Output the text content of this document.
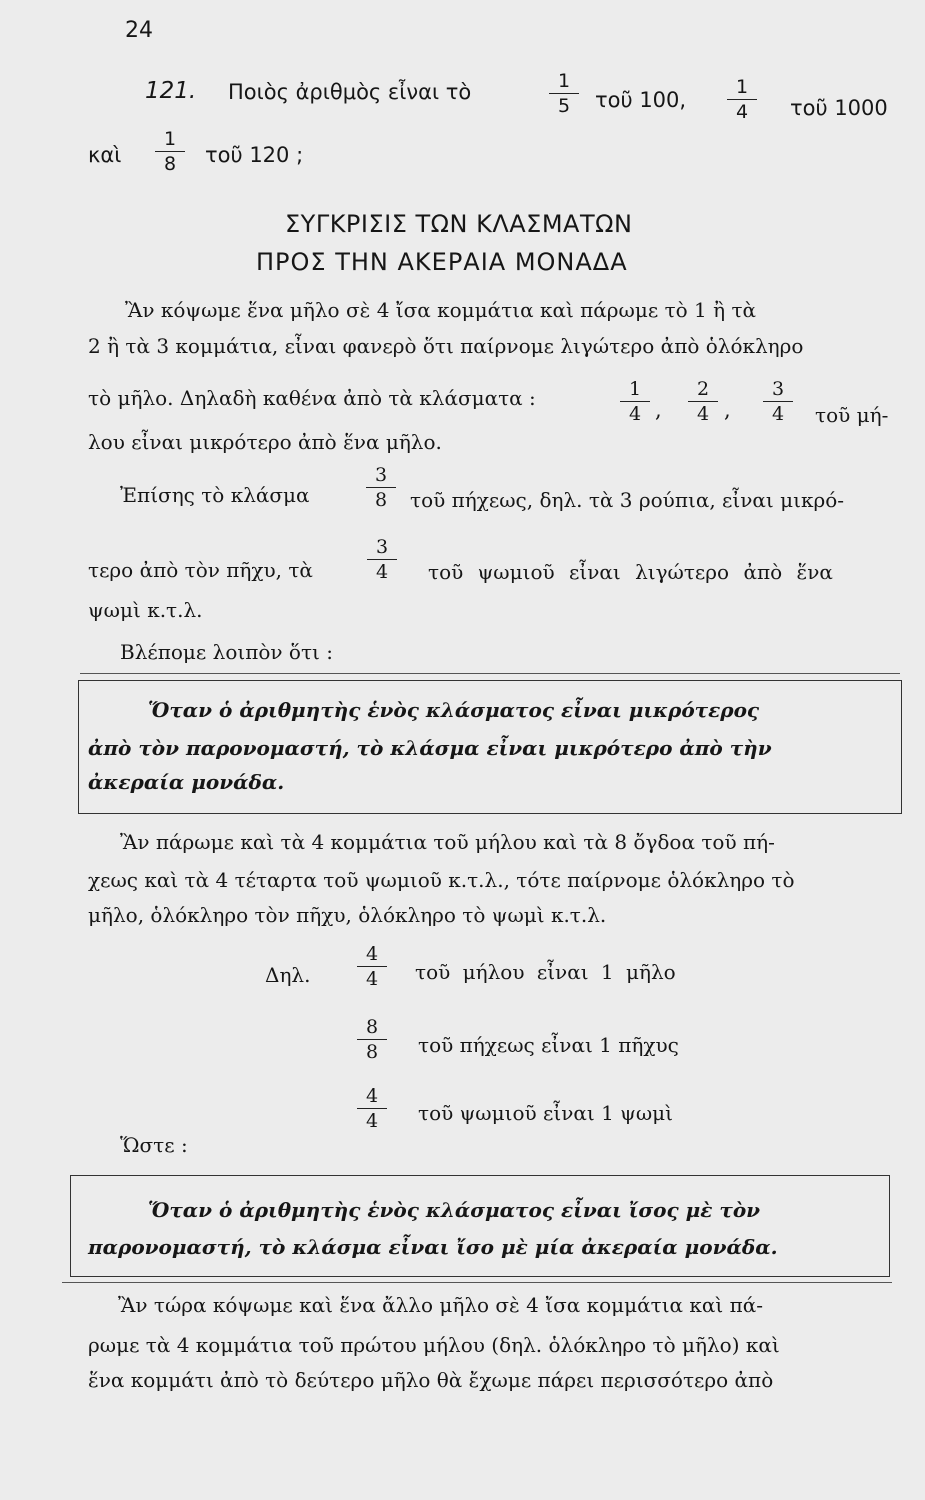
24
121. Ποιὸς ἀριθμὸς εἶναι τὸ	$\frac{1}{5}$ τοῦ 100, $\frac{1}{4}$ τοῦ 1000
καὶ $\frac{1}{8}$ τοῦ 120 ;
ΣΥΓΚΡΙΣΙΣ ΤΩΝ ΚΛΑΣΜΑΤΩΝ
ΠΡΟΣ ΤΗΝ ΑΚΕΡΑΙΑ ΜΟΝΑΔΑ
Ἂν κόψωμε ἕνα μῆλο σὲ 4 ἴσα κομμάτια καὶ πάρωμε τὸ 1 ἢ τὰ
2 ἢ τὰ 3 κομμάτια, εἶναι φανερὸ ὅτι παίρνομε λιγώτερο ἀπὸ ὁλόκληρο
τὸ μῆλο. Δηλαδὴ καθένα ἀπὸ τὰ κλάσματα :	$\frac{1}{4}$ , $\frac{2}{4}$ , $\frac{3}{4}$ τοῦ μή-
λου εἶναι μικρότερο ἀπὸ ἕνα μῆλο.
Ἐπίσης τὸ κλάσμα	$\frac{3}{8}$ τοῦ πήχεως, δηλ. τὰ 3 ρούπια, εἶναι μικρό-
τερο ἀπὸ τὸν πῆχυ, τὰ	$\frac{3}{4}$ τοῦ ψωμιοῦ εἶναι λιγώτερο ἀπὸ ἕνα
ψωμὶ κ.τ.λ.
Βλέπομε λοιπὸν ὅτι :
Ὅταν ὁ ἀριθμητὴς ἑνὸς κλάσματος εἶναι μικρότερος
ἀπὸ τὸν παρονομαστή, τὸ κλάσμα εἶναι μικρότερο ἀπὸ τὴν
ἀκεραία μονάδα.
Ἂν πάρωμε καὶ τὰ 4 κομμάτια τοῦ μήλου καὶ τὰ 8 ὄγδοα τοῦ πή-
χεως καὶ τὰ 4 τέταρτα τοῦ ψωμιοῦ κ.τ.λ., τότε παίρνομε ὁλόκληρο τὸ
μῆλο, ὁλόκληρο τὸν πῆχυ, ὁλόκληρο τὸ ψωμὶ κ.τ.λ.
Δηλ. $\frac{4}{4}$ τοῦ μήλου εἶναι 1 μῆλο
$\frac{8}{8}$ τοῦ πήχεως εἶναι 1 πῆχυς
$\frac{4}{4}$ τοῦ ψωμιοῦ εἶναι 1 ψωμὶ
Ὥστε :
Ὅταν ὁ ἀριθμητὴς ἑνὸς κλάσματος εἶναι ἴσος μὲ τὸν
παρονομαστή, τὸ κλάσμα εἶναι ἴσο μὲ μία ἀκεραία μονάδα.
Ἂν τώρα κόψωμε καὶ ἕνα ἄλλο μῆλο σὲ 4 ἴσα κομμάτια καὶ πά-
ρωμε τὰ 4 κομμάτια τοῦ πρώτου μήλου (δηλ. ὁλόκληρο τὸ μῆλο) καὶ
ἕνα κομμάτι ἀπὸ τὸ δεύτερο μῆλο θὰ ἔχωμε πάρει περισσότερο ἀπὸ
